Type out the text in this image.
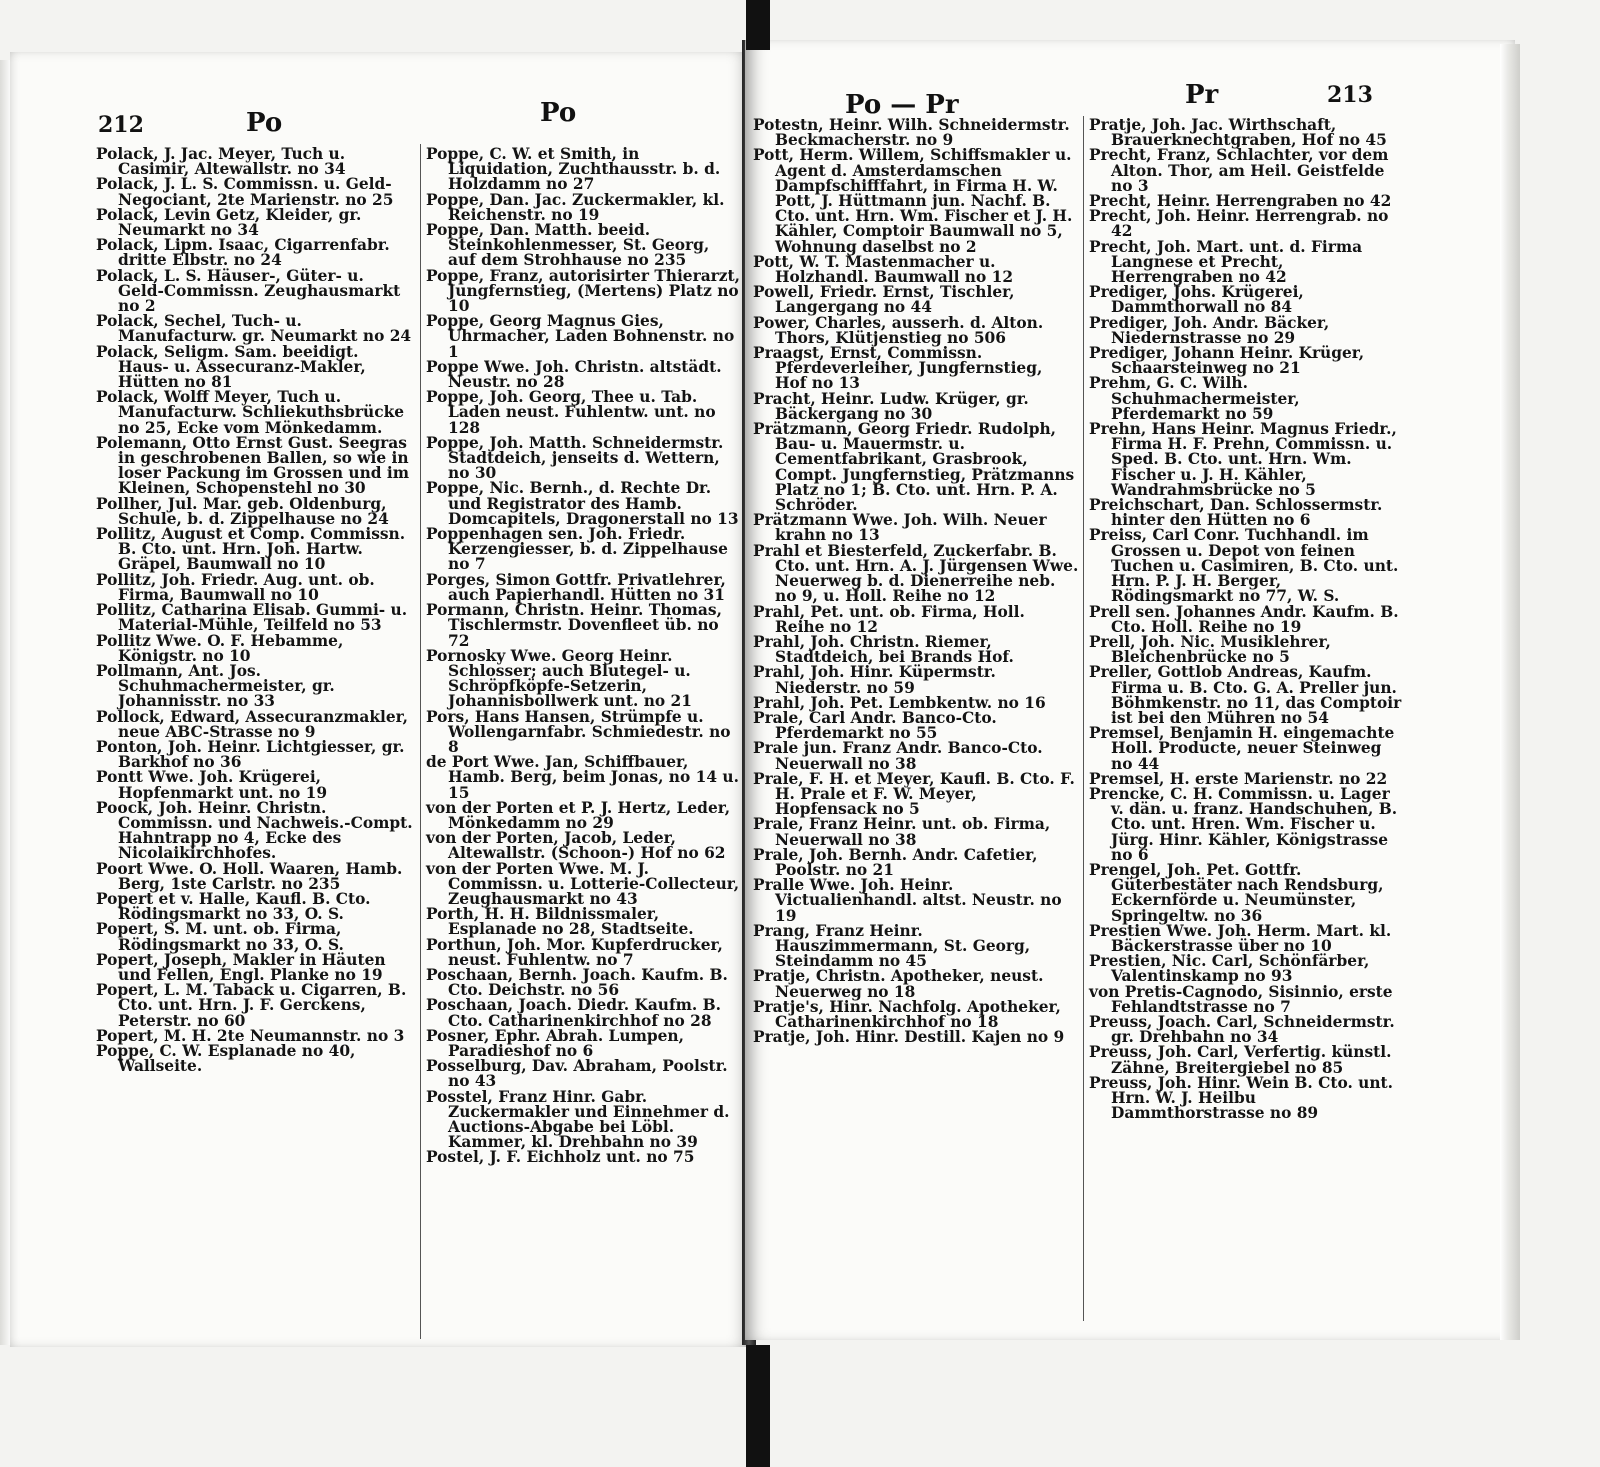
212	Po	Po
Polack, J. Jac. Meyer, Tuch u. Casimir, Altewallstr. no 34
Polack, J. L. S. Commissn. u. Geld-Negociant, 2te Marienstr. no 25
Polack, Levin Getz, Kleider, gr. Neumarkt no 34
Polack, Lipm. Isaac, Cigarrenfabr. dritte Elbstr. no 24
Polack, L. S. Häuser-, Güter- u. Geld-Commissn. Zeughausmarkt no 2
Polack, Sechel, Tuch- u. Manufacturw. gr. Neumarkt no 24
Polack, Seligm. Sam. beeidigt. Haus- u. Assecuranz-Makler, Hütten no 81
Polack, Wolff Meyer, Tuch u. Manufacturw. Schliekuthsbrücke no 25, Ecke vom Mönkedamm.
Polemann, Otto Ernst Gust. Seegras in geschrobenen Ballen, so wie in loser Packung im Grossen und im Kleinen, Schopenstehl no 30
Pollher, Jul. Mar. geb. Oldenburg, Schule, b. d. Zippelhause no 24
Pollitz, August et Comp. Commissn. B. Cto. unt. Hrn. Joh. Hartw. Gräpel, Baumwall no 10
Pollitz, Joh. Friedr. Aug. unt. ob. Firma, Baumwall no 10
Pollitz, Catharina Elisab. Gummi- u. Material-Mühle, Teilfeld no 53
Pollitz Wwe. O. F. Hebamme, Königstr. no 10
Pollmann, Ant. Jos. Schuhmachermeister, gr. Johannisstr. no 33
Pollock, Edward, Assecuranzmakler, neue ABC-Strasse no 9
Ponton, Joh. Heinr. Lichtgiesser, gr. Barkhof no 36
Pontt Wwe. Joh. Krügerei, Hopfenmarkt unt. no 19
Poock, Joh. Heinr. Christn. Commissn. und Nachweis.-Compt. Hahntrapp no 4, Ecke des Nicolaikirchhofes.
Poort Wwe. O. Holl. Waaren, Hamb. Berg, 1ste Carlstr. no 235
Popert et v. Halle, Kaufl. B. Cto. Rödingsmarkt no 33, O. S.
Popert, S. M. unt. ob. Firma, Rödingsmarkt no 33, O. S.
Popert, Joseph, Makler in Häuten und Fellen, Engl. Planke no 19
Popert, L. M. Taback u. Cigarren, B. Cto. unt. Hrn. J. F. Gerckens, Peterstr. no 60
Popert, M. H. 2te Neumannstr. no 3
Poppe, C. W. Esplanade no 40, Wallseite.
Poppe, C. W. et Smith, in Liquidation, Zuchthausstr. b. d. Holzdamm no 27
Poppe, Dan. Jac. Zuckermakler, kl. Reichenstr. no 19
Poppe, Dan. Matth. beeid. Steinkohlenmesser, St. Georg, auf dem Strohhause no 235
Poppe, Franz, autorisirter Thierarzt, Jungfernstieg, (Mertens) Platz no 10
Poppe, Georg Magnus Gies, Uhrmacher, Laden Bohnenstr. no 1
Poppe Wwe. Joh. Christn. altstädt. Neustr. no 28
Poppe, Joh. Georg, Thee u. Tab. Laden neust. Fuhlentw. unt. no 128
Poppe, Joh. Matth. Schneidermstr. Stadtdeich, jenseits d. Wettern, no 30
Poppe, Nic. Bernh., d. Rechte Dr. und Registrator des Hamb. Domcapitels, Dragonerstall no 13
Poppenhagen sen. Joh. Friedr. Kerzengiesser, b. d. Zippelhause no 7
Porges, Simon Gottfr. Privatlehrer, auch Papierhandl. Hütten no 31
Pormann, Christn. Heinr. Thomas, Tischlermstr. Dovenfleet üb. no 72
Pornosky Wwe. Georg Heinr. Schlosser; auch Blutegel- u. Schröpfköpfe-Setzerin, Johannisbollwerk unt. no 21
Pors, Hans Hansen, Strümpfe u. Wollengarnfabr. Schmiedestr. no 8
de Port Wwe. Jan, Schiffbauer, Hamb. Berg, beim Jonas, no 14 u. 15
von der Porten et P. J. Hertz, Leder, Mönkedamm no 29
von der Porten, Jacob, Leder, Altewallstr. (Schoon-) Hof no 62
von der Porten Wwe. M. J. Commissn. u. Lotterie-Collecteur, Zeughausmarkt no 43
Porth, H. H. Bildnissmaler, Esplanade no 28, Stadtseite.
Porthun, Joh. Mor. Kupferdrucker, neust. Fuhlentw. no 7
Poschaan, Bernh. Joach. Kaufm. B. Cto. Deichstr. no 56
Poschaan, Joach. Diedr. Kaufm. B. Cto. Catharinenkirchhof no 28
Posner, Ephr. Abrah. Lumpen, Paradieshof no 6
Posselburg, Dav. Abraham, Poolstr. no 43
Posstel, Franz Hinr. Gabr. Zuckermakler und Einnehmer d. Auctions-Abgabe bei Löbl. Kammer, kl. Drehbahn no 39
Postel, J. F. Eichholz unt. no 75
Po — Pr	Pr	213
Potestn, Heinr. Wilh. Schneidermstr. Beckmacherstr. no 9
Pott, Herm. Willem, Schiffsmakler u. Agent d. Amsterdamschen Dampfschifffahrt, in Firma H. W. Pott, J. Hüttmann jun. Nachf. B. Cto. unt. Hrn. Wm. Fischer et J. H. Kähler, Comptoir Baumwall no 5, Wohnung daselbst no 2
Pott, W. T. Mastenmacher u. Holzhandl. Baumwall no 12
Powell, Friedr. Ernst, Tischler, Langergang no 44
Power, Charles, ausserh. d. Alton. Thors, Klütjenstieg no 506
Praagst, Ernst, Commissn. Pferdeverleiher, Jungfernstieg, Hof no 13
Pracht, Heinr. Ludw. Krüger, gr. Bäckergang no 30
Prätzmann, Georg Friedr. Rudolph, Bau- u. Mauermstr. u. Cementfabrikant, Grasbrook, Compt. Jungfernstieg, Prätzmanns Platz no 1; B. Cto. unt. Hrn. P. A. Schröder.
Prätzmann Wwe. Joh. Wilh. Neuer krahn no 13
Prahl et Biesterfeld, Zuckerfabr. B. Cto. unt. Hrn. A. J. Jürgensen Wwe. Neuerweg b. d. Dienerreihe neb. no 9, u. Holl. Reihe no 12
Prahl, Pet. unt. ob. Firma, Holl. Reihe no 12
Prahl, Joh. Christn. Riemer, Stadtdeich, bei Brands Hof.
Prahl, Joh. Hinr. Küpermstr. Niederstr. no 59
Prahl, Joh. Pet. Lembkentw. no 16
Prale, Carl Andr. Banco-Cto. Pferdemarkt no 55
Prale jun. Franz Andr. Banco-Cto. Neuerwall no 38
Prale, F. H. et Meyer, Kaufl. B. Cto. F. H. Prale et F. W. Meyer, Hopfensack no 5
Prale, Franz Heinr. unt. ob. Firma, Neuerwall no 38
Prale, Joh. Bernh. Andr. Cafetier, Poolstr. no 21
Pralle Wwe. Joh. Heinr. Victualienhandl. altst. Neustr. no 19
Prang, Franz Heinr. Hauszimmermann, St. Georg, Steindamm no 45
Pratje, Christn. Apotheker, neust. Neuerweg no 18
Pratje's, Hinr. Nachfolg. Apotheker, Catharinenkirchhof no 18
Pratje, Joh. Hinr. Destill. Kajen no 9
Pratje, Joh. Jac. Wirthschaft, Brauerknechtgraben, Hof no 45
Precht, Franz, Schlachter, vor dem Alton. Thor, am Heil. Geistfelde no 3
Precht, Heinr. Herrengraben no 42
Precht, Joh. Heinr. Herrengrab. no 42
Precht, Joh. Mart. unt. d. Firma Langnese et Precht, Herrengraben no 42
Prediger, Johs. Krügerei, Dammthorwall no 84
Prediger, Joh. Andr. Bäcker, Niedernstrasse no 29
Prediger, Johann Heinr. Krüger, Schaarsteinweg no 21
Prehm, G. C. Wilh. Schuhmachermeister, Pferdemarkt no 59
Prehn, Hans Heinr. Magnus Friedr., Firma H. F. Prehn, Commissn. u. Sped. B. Cto. unt. Hrn. Wm. Fischer u. J. H. Kähler, Wandrahmsbrücke no 5
Preichschart, Dan. Schlossermstr. hinter den Hütten no 6
Preiss, Carl Conr. Tuchhandl. im Grossen u. Depot von feinen Tuchen u. Casimiren, B. Cto. unt. Hrn. P. J. H. Berger, Rödingsmarkt no 77, W. S.
Prell sen. Johannes Andr. Kaufm. B. Cto. Holl. Reihe no 19
Prell, Joh. Nic. Musiklehrer, Bleichenbrücke no 5
Preller, Gottlob Andreas, Kaufm. Firma u. B. Cto. G. A. Preller jun. Böhmkenstr. no 11, das Comptoir ist bei den Mühren no 54
Premsel, Benjamin H. eingemachte Holl. Producte, neuer Steinweg no 44
Premsel, H. erste Marienstr. no 22
Prencke, C. H. Commissn. u. Lager v. dän. u. franz. Handschuhen, B. Cto. unt. Hren. Wm. Fischer u. Jürg. Hinr. Kähler, Königstrasse no 6
Prengel, Joh. Pet. Gottfr. Güterbestäter nach Rendsburg, Eckernförde u. Neumünster, Springeltw. no 36
Prestien Wwe. Joh. Herm. Mart. kl. Bäckerstrasse über no 10
Prestien, Nic. Carl, Schönfärber, Valentinskamp no 93
von Pretis-Cagnodo, Sisinnio, erste Fehlandtstrasse no 7
Preuss, Joach. Carl, Schneidermstr. gr. Drehbahn no 34
Preuss, Joh. Carl, Verfertig. künstl. Zähne, Breitergiebel no 85
Preuss, Joh. Hinr. Wein B. Cto. unt. Hrn. W. J. Heilbu Dammthorstrasse no 89
